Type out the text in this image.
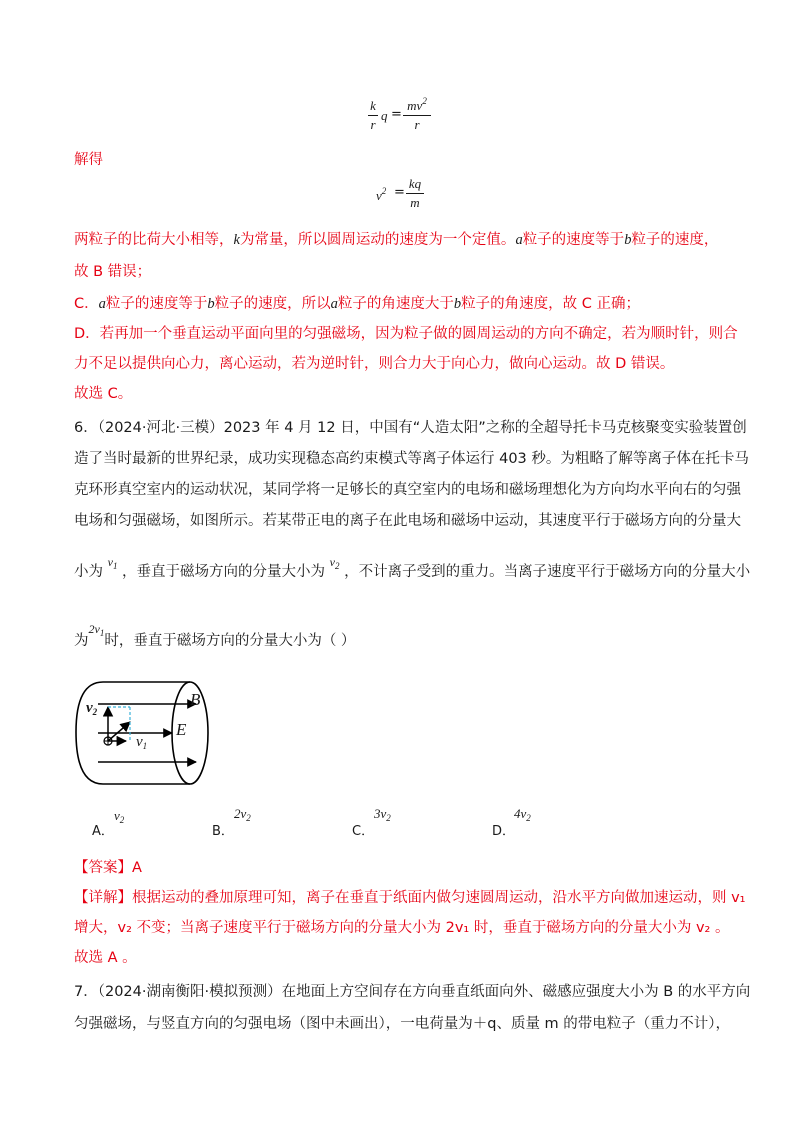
k
r
q =
$mv^2$
r
解得
$v^2$ =
kq
m
两粒子的比荷大小相等，k为常量，所以圆周运动的速度为一个定值。a粒子的速度等于b粒子的速度，
故 B 错误；
C．a粒子的速度等于b粒子的速度，所以a粒子的角速度大于b粒子的角速度，故 C 正确；
D．若再加一个垂直运动平面向里的匀强磁场，因为粒子做的圆周运动的方向不确定，若为顺时针，则合
力不足以提供向心力，离心运动，若为逆时针，则合力大于向心力，做向心运动。故 D 错误。
故选 C。
6．（2024·河北·三模）2023 年 4 月 12 日，中国有“人造太阳”之称的全超导托卡马克核聚变实验装置创
造了当时最新的世界纪录，成功实现稳态高约束模式等离子体运行 403 秒。为粗略了解等离子体在托卡马
克环形真空室内的运动状况，某同学将一足够长的真空室内的电场和磁场理想化为方向均水平向右的匀强
电场和匀强磁场，如图所示。若某带正电的离子在此电场和磁场中运动，其速度平行于磁场方向的分量大
小为 $^{v_1}$ ，垂直于磁场方向的分量大小为 $^{v_2}$ ，不计离子受到的重力。当离子速度平行于磁场方向的分量大小
为$^{2v_1}$时，垂直于磁场方向的分量大小为（ ）
B
E
$v_2$
$v_1$
$v_2$
A．
$2v_2$
B．
$3v_2$
C．
$4v_2$
D．
【答案】A
【详解】根据运动的叠加原理可知，离子在垂直于纸面内做匀速圆周运动，沿水平方向做加速运动，则 v₁
增大，v₂ 不变；当离子速度平行于磁场方向的分量大小为 2v₁ 时，垂直于磁场方向的分量大小为 v₂ 。
故选 A 。
7．（2024·湖南衡阳·模拟预测）在地面上方空间存在方向垂直纸面向外、磁感应强度大小为 B 的水平方向
匀强磁场，与竖直方向的匀强电场（图中未画出），一电荷量为＋q、质量 m 的带电粒子（重力不计），
